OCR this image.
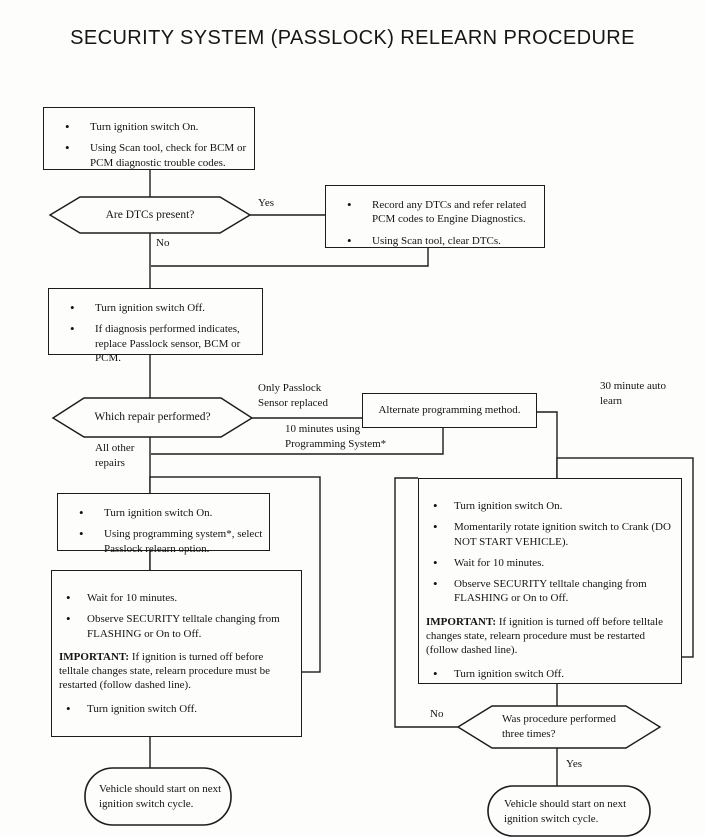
SECURITY SYSTEM (PASSLOCK) RELEARN PROCEDURE
• Turn ignition switch On.
• Using Scan tool, check for BCM or PCM diagnostic trouble codes.
• Record any DTCs and refer related PCM codes to Engine Diagnostics.
• Using Scan tool, clear DTCs.
• Turn ignition switch Off.
• If diagnosis performed indicates, replace Passlock sensor, BCM or PCM.
Alternate programming method.
• Turn ignition switch On.
• Using programming system*, select Passlock relearn option.
• Wait for 10 minutes.
• Observe SECURITY telltale changing from FLASHING or On to Off.

IMPORTANT: If ignition is turned off before telltale changes state, relearn procedure must be restarted (follow dashed line).

• Turn ignition switch Off.
• Turn ignition switch On.
• Momentarily rotate ignition switch to Crank (DO NOT START VEHICLE).
• Wait for 10 minutes.
• Observe SECURITY telltale changing from FLASHING or On to Off.

IMPORTANT: If ignition is turned off before telltale changes state, relearn procedure must be restarted (follow dashed line).

• Turn ignition switch Off.
Are DTCs present?
Which repair performed?
Was procedure performed three times?
Yes
No
Only Passlock Sensor replaced
10 minutes using Programming System*
30 minute auto learn
All other repairs
No
Yes
Vehicle should start on next ignition switch cycle.	Vehicle should start on next ignition switch cycle.
